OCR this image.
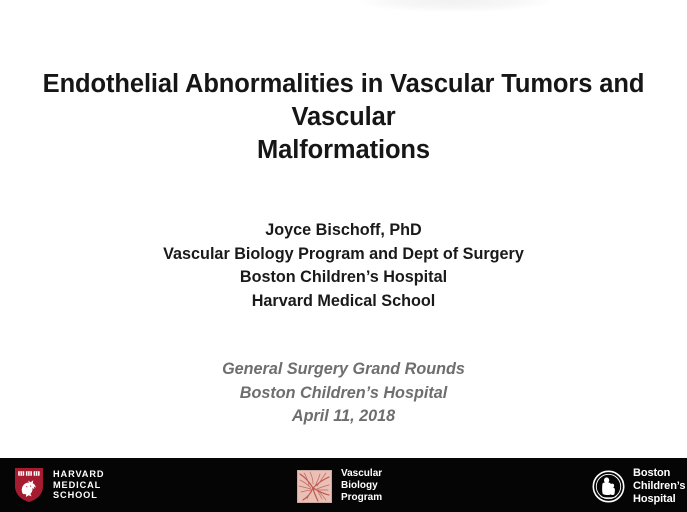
Endothelial Abnormalities in Vascular Tumors and Vascular
Malformations
Joyce Bischoff, PhD
Vascular Biology Program and Dept of Surgery
Boston Children’s Hospital
Harvard Medical School
General Surgery Grand Rounds
Boston Children’s Hospital
April 11, 2018
HARVARD
MEDICAL
SCHOOL
Vascular
Biology
Program
Boston
Children’s
Hospital
